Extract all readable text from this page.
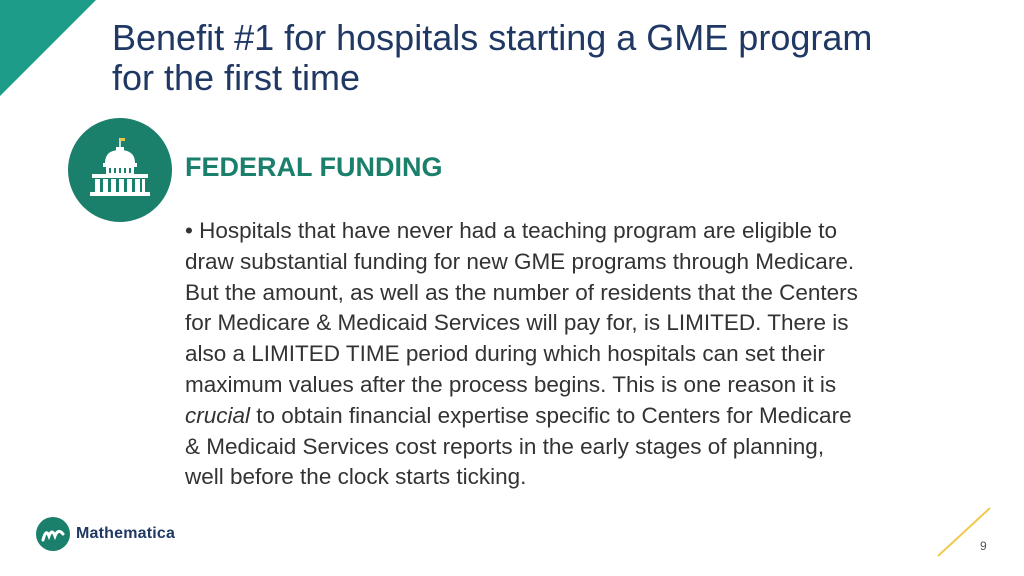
Benefit #1 for hospitals starting a GME program
for the first time
FEDERAL FUNDING
• Hospitals that have never had a teaching program are eligible to
draw substantial funding for new GME programs through Medicare.
But the amount, as well as the number of residents that the Centers
for Medicare & Medicaid Services will pay for, is LIMITED. There is
also a LIMITED TIME period during which hospitals can set their
maximum values after the process begins. This is one reason it is
crucial to obtain financial expertise specific to Centers for Medicare
& Medicaid Services cost reports in the early stages of planning,
well before the clock starts ticking.
Mathematica
9
